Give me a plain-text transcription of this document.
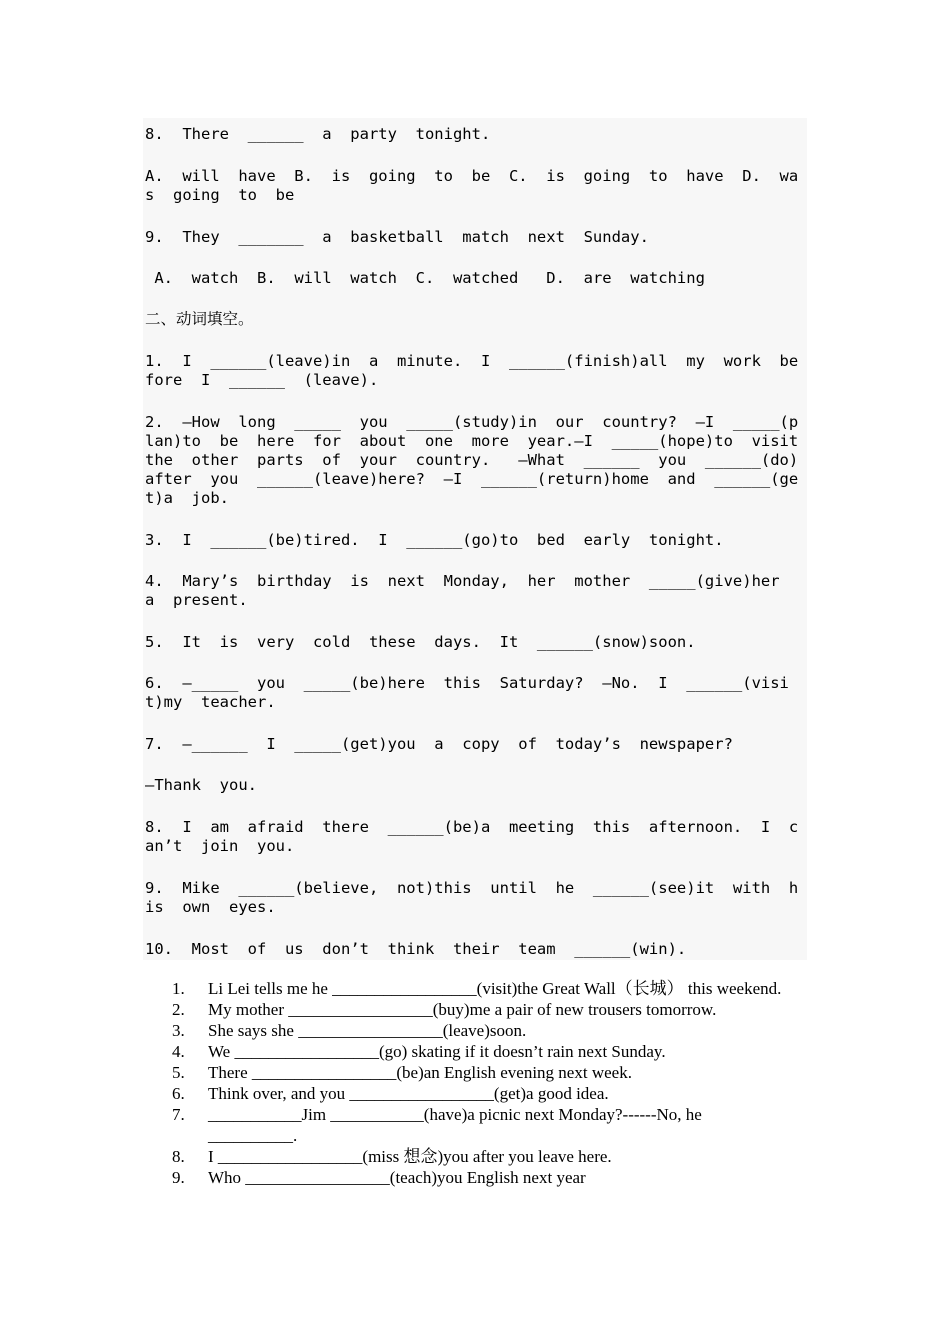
8.  There  ______  a  party  tonight.

A.  will  have  B.  is  going  to  be  C.  is  going  to  have  D.  was  going  to  be

9.  They  _______  a  basketball  match  next  Sunday.

A.  watch  B.  will  watch  C.  watched   D.  are  watching

二、动词填空。

1.  I  ______(leave)in  a  minute.  I  ______(finish)all  my  work  before  I  ______  (leave).

2.  —How  long  _____  you  _____(study)in  our  country?  —I  _____(plan)to  be  here  for  about  one  more  year.—I  _____(hope)to  visit  the  other  parts  of  your  country.   —What  ______  you  ______(do)after  you  ______(leave)here?  —I  ______(return)home  and  ______(get)a  job.

3.  I  ______(be)tired.  I  ______(go)to  bed  early  tonight.

4.  Mary’s  birthday  is  next  Monday,  her  mother  _____(give)her  a  present.

5.  It  is  very  cold  these  days.  It  ______(snow)soon.

6.  —_____  you  _____(be)here  this  Saturday?  —No.  I  ______(visit)my  teacher.

7.  —______  I  _____(get)you  a  copy  of  today’s  newspaper?

—Thank  you.

8.  I  am  afraid  there  ______(be)a  meeting  this  afternoon.  I  can’t  join  you.

9.  Mike  ______(believe,  not)this  until  he  ______(see)it  with  his  own  eyes.

10.  Most  of  us  don’t  think  their  team  ______(win).

1. Li Lei tells me he _________________(visit)the Great Wall（长城） this weekend.
2. My mother _________________(buy)me a pair of new trousers tomorrow.
3. She says she _________________(leave)soon.
4. We _________________(go) skating if it doesn’t rain next Sunday.
5. There _________________(be)an English evening next week.
6. Think over, and you _________________(get)a good idea.
7. ___________Jim ___________(have)a picnic next Monday?------No, he __________.
8. I _________________(miss 想念)you after you leave here.
9. Who _________________(teach)you English next year
